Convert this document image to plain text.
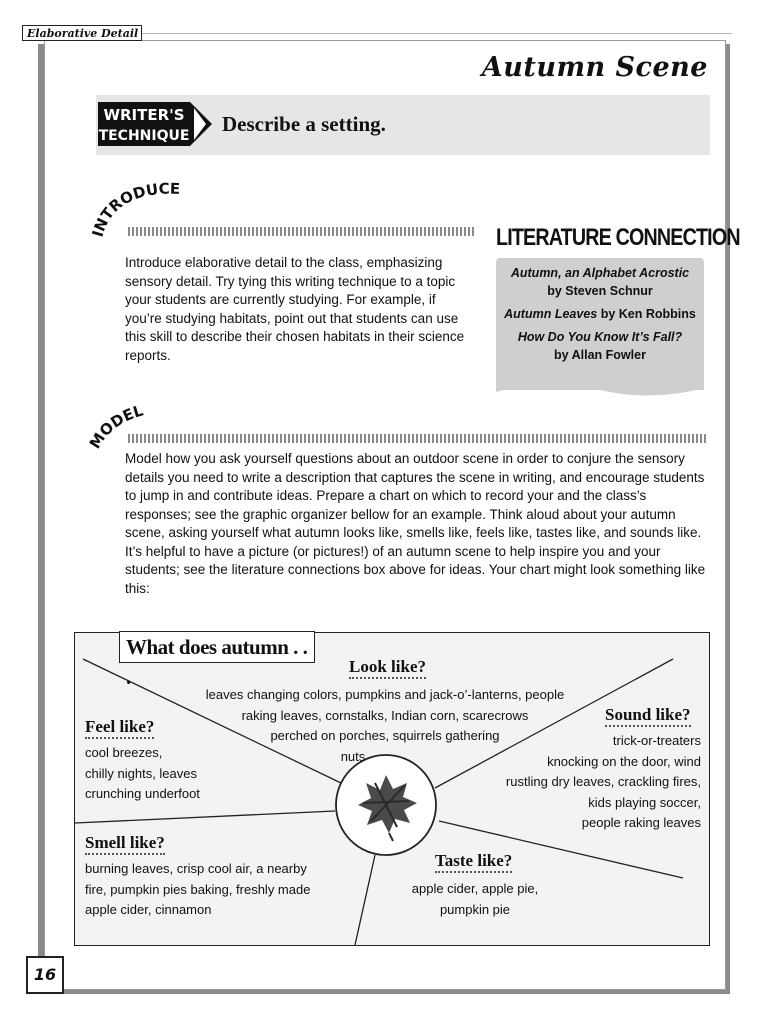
Elaborative Detail
Autumn Scene
WRITER'S
TECHNIQUE Describe a setting.
INTRODUCE
Introduce elaborative detail to the class, emphasizing sensory detail. Try tying this writing technique to a topic your students are currently studying. For example, if you’re studying habitats, point out that students can use this skill to describe their chosen habitats in their science reports.
LITERATURE CONNECTION
Autumn, an Alphabet Acrostic
by Steven Schnur
Autumn Leaves by Ken Robbins
How Do You Know It’s Fall?
by Allan Fowler
MODEL
Model how you ask yourself questions about an outdoor scene in order to conjure the sensory details you need to write a description that captures the scene in writing, and encourage students to jump in and contribute ideas. Prepare a chart on which to record your and the class’s responses; see the graphic organizer bellow for an example. Think aloud about your autumn scene, asking yourself what autumn looks like, smells like, feels like, tastes like, and sounds like. It’s helpful to have a picture (or pictures!) of an autumn scene to help inspire you and your students; see the literature connections box above for ideas. Your chart might look something like this:
What does autumn . . .	Look like?
leaves changing colors, pumpkins and jack-o’-lanterns, people
raking leaves, cornstalks, Indian corn, scarecrows
perched on porches, squirrels gathering
nuts
Feel like?
cool breezes,
chilly nights, leaves
crunching underfoot
Sound like?
trick-or-treaters
knocking on the door, wind
rustling dry leaves, crackling fires,
kids playing soccer,
people raking leaves
Smell like?
burning leaves, crisp cool air, a nearby
fire, pumpkin pies baking, freshly made
apple cider, cinnamon
Taste like?
apple cider, apple pie,
pumpkin pie
16
